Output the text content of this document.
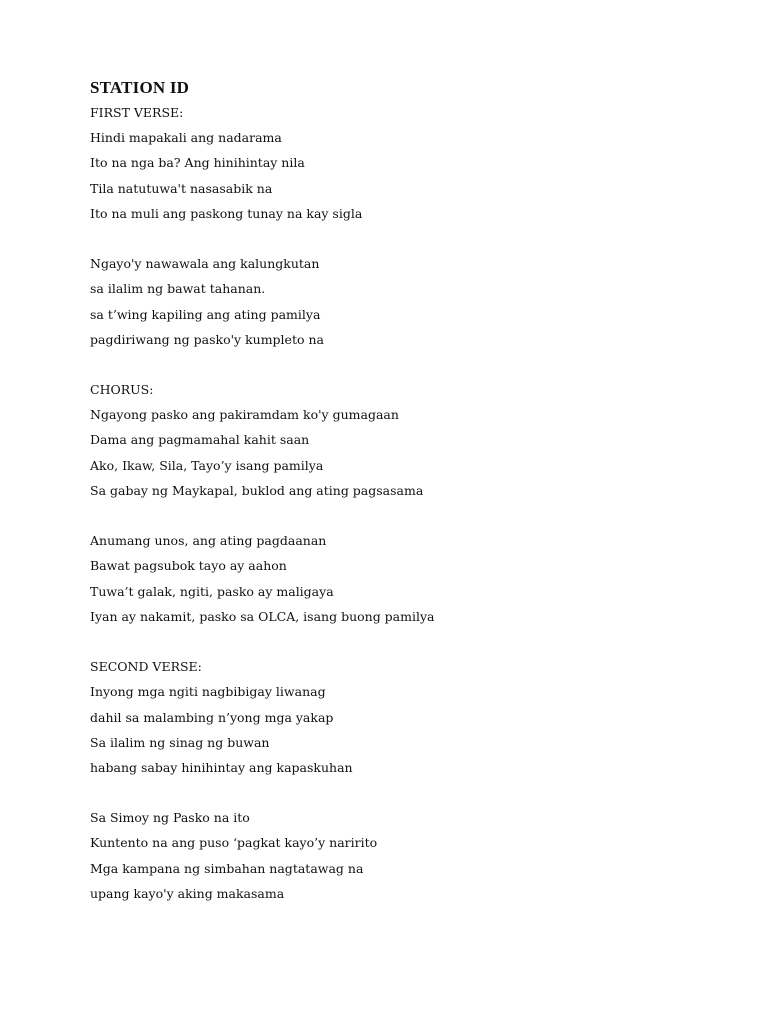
STATION ID
FIRST VERSE:
Hindi mapakali ang nadarama
Ito na nga ba? Ang hinihintay nila
Tila natutuwa't nasasabik na
Ito na muli ang paskong tunay na kay sigla
Ngayo'y nawawala ang kalungkutan
sa ilalim ng bawat tahanan.
sa t’wing kapiling ang ating pamilya
pagdiriwang ng pasko'y kumpleto na
CHORUS:
Ngayong pasko ang pakiramdam ko'y gumagaan
Dama ang pagmamahal kahit saan
Ako, Ikaw, Sila, Tayo’y isang pamilya
Sa gabay ng Maykapal, buklod ang ating pagsasama
Anumang unos, ang ating pagdaanan
Bawat pagsubok tayo ay aahon
Tuwa’t galak, ngiti, pasko ay maligaya
Iyan ay nakamit, pasko sa OLCA, isang buong pamilya
SECOND VERSE:
Inyong mga ngiti nagbibigay liwanag
dahil sa malambing n’yong mga yakap
Sa ilalim ng sinag ng buwan
habang sabay hinihintay ang kapaskuhan
Sa Simoy ng Pasko na ito
Kuntento na ang puso ‘pagkat kayo’y naririto
Mga kampana ng simbahan nagtatawag na
upang kayo'y aking makasama
